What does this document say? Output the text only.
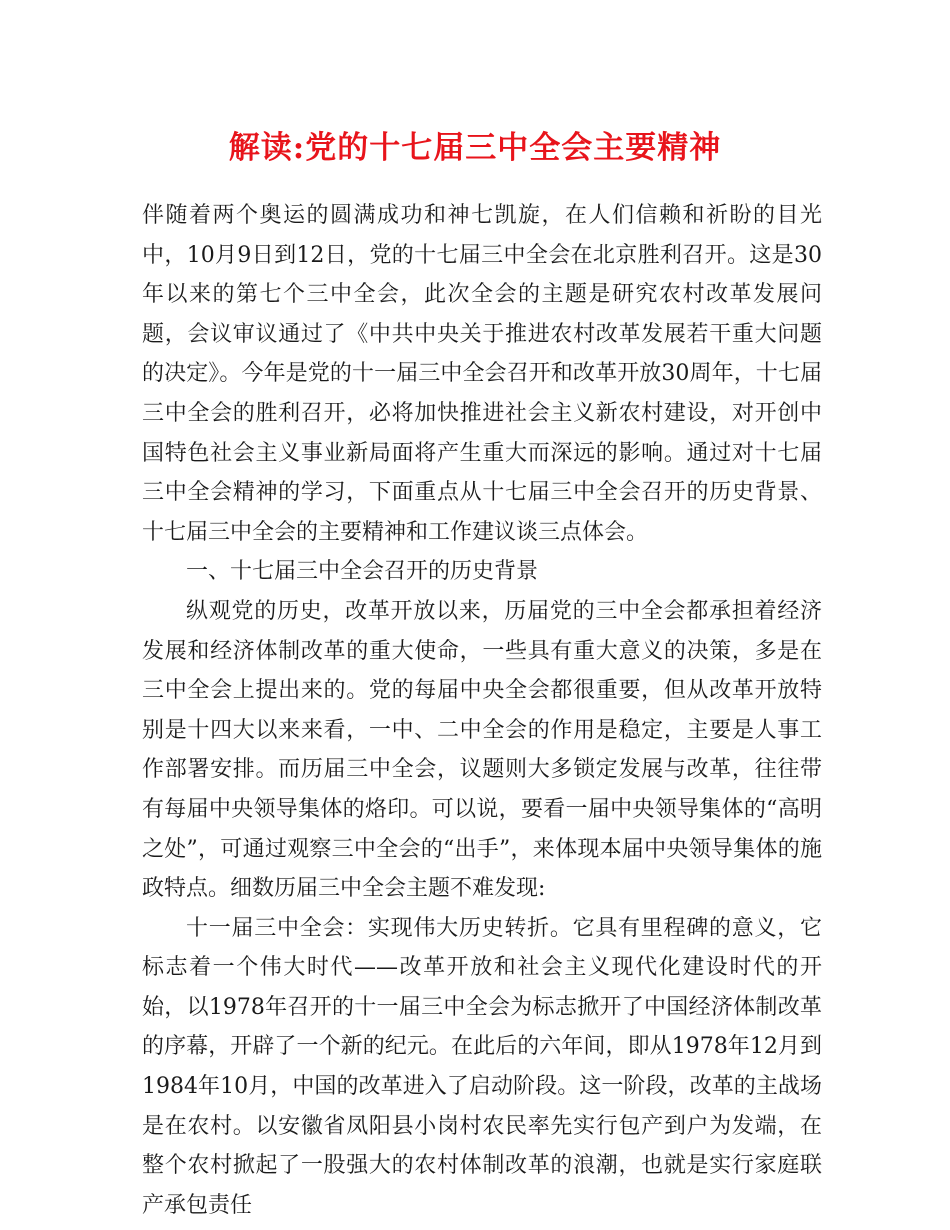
解读:党的十七届三中全会主要精神

伴随着两个奥运的圆满成功和神七凯旋，在人们信赖和祈盼的目光中，10月9日到12日，党的十七届三中全会在北京胜利召开。这是30年以来的第七个三中全会，此次全会的主题是研究农村改革发展问题，会议审议通过了《中共中央关于推进农村改革发展若干重大问题的决定》。今年是党的十一届三中全会召开和改革开放30周年，十七届三中全会的胜利召开，必将加快推进社会主义新农村建设，对开创中国特色社会主义事业新局面将产生重大而深远的影响。通过对十七届三中全会精神的学习，下面重点从十七届三中全会召开的历史背景、十七届三中全会的主要精神和工作建议谈三点体会。

一、十七届三中全会召开的历史背景

纵观党的历史，改革开放以来，历届党的三中全会都承担着经济发展和经济体制改革的重大使命，一些具有重大意义的决策，多是在三中全会上提出来的。党的每届中央全会都很重要，但从改革开放特别是十四大以来来看，一中、二中全会的作用是稳定，主要是人事工作部署安排。而历届三中全会，议题则大多锁定发展与改革，往往带有每届中央领导集体的烙印。可以说，要看一届中央领导集体的“高明之处”，可通过观察三中全会的“出手”，来体现本届中央领导集体的施政特点。细数历届三中全会主题不难发现:

十一届三中全会：实现伟大历史转折。它具有里程碑的意义，它标志着一个伟大时代——改革开放和社会主义现代化建设时代的开始，以1978年召开的十一届三中全会为标志掀开了中国经济体制改革的序幕，开辟了一个新的纪元。在此后的六年间，即从1978年12月到1984年10月，中国的改革进入了启动阶段。这一阶段，改革的主战场是在农村。以安徽省凤阳县小岗村农民率先实行包产到户为发端，在整个农村掀起了一股强大的农村体制改革的浪潮，也就是实行家庭联产承包责任
